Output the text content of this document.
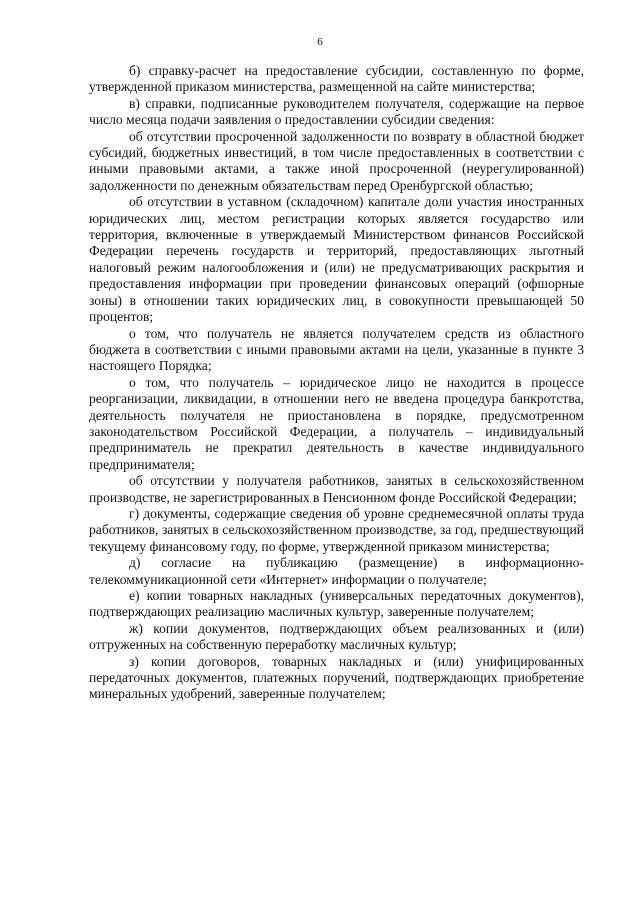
6

б) справку-расчет на предоставление субсидии, составленную по форме, утвержденной приказом министерства, размещенной на сайте министерства;

в) справки, подписанные руководителем получателя, содержащие на первое число месяца подачи заявления о предоставлении субсидии сведения:

об отсутствии просроченной задолженности по возврату в областной бюджет субсидий, бюджетных инвестиций, в том числе предоставленных в соответствии с иными правовыми актами, а также иной просроченной (неурегулированной) задолженности по денежным обязательствам перед Оренбургской областью;

об отсутствии в уставном (складочном) капитале доли участия иностранных юридических лиц, местом регистрации которых является государство или территория, включенные в утверждаемый Министерством финансов Российской Федерации перечень государств и территорий, предоставляющих льготный налоговый режим налогообложения и (или) не предусматривающих раскрытия и предоставления информации при проведении финансовых операций (офшорные зоны) в отношении таких юридических лиц, в совокупности превышающей 50 процентов;

о том, что получатель не является получателем средств из областного бюджета в соответствии с иными правовыми актами на цели, указанные в пункте 3 настоящего Порядка;

о том, что получатель – юридическое лицо не находится в процессе реорганизации, ликвидации, в отношении него не введена процедура банкротства, деятельность получателя не приостановлена в порядке, предусмотренном законодательством Российской Федерации, а получатель – индивидуальный предприниматель не прекратил деятельность в качестве индивидуального предпринимателя;

об отсутствии у получателя работников, занятых в сельскохозяйственном производстве, не зарегистрированных в Пенсионном фонде Российской Федерации;

г) документы, содержащие сведения об уровне среднемесячной оплаты труда работников, занятых в сельскохозяйственном производстве, за год, предшествующий текущему финансовому году, по форме, утвержденной приказом министерства;

д) согласие на публикацию (размещение) в информационно-телекоммуникационной сети «Интернет» информации о получателе;

е) копии товарных накладных (универсальных передаточных документов), подтверждающих реализацию масличных культур, заверенные получателем;

ж) копии документов, подтверждающих объем реализованных и (или) отгруженных на собственную переработку масличных культур;

з) копии договоров, товарных накладных и (или) унифицированных передаточных документов, платежных поручений, подтверждающих приобретение минеральных удобрений, заверенные получателем;
